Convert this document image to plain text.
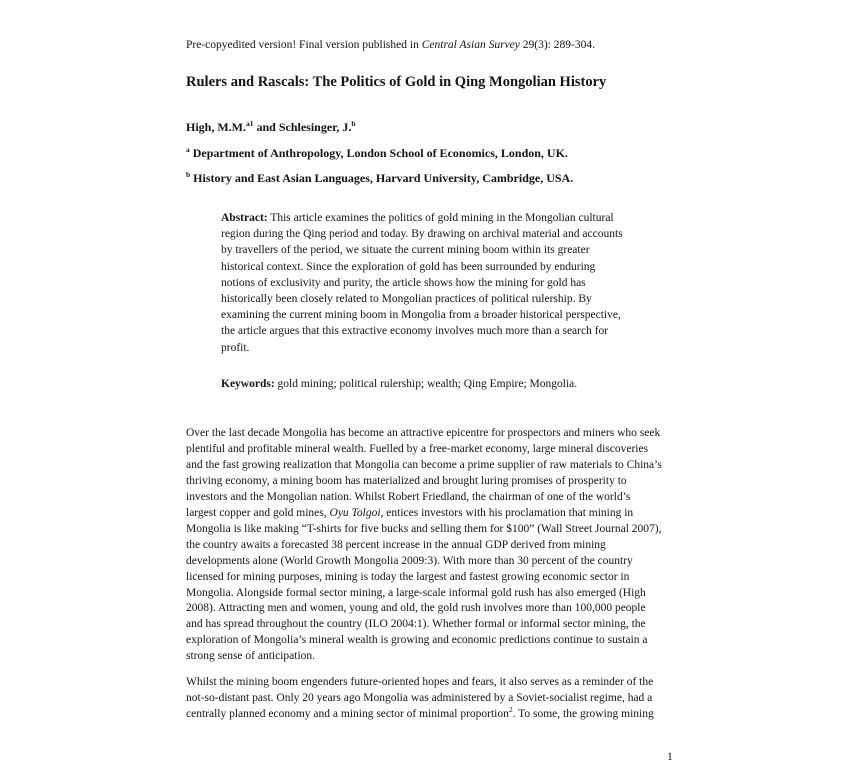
Pre-copyedited version! Final version published in Central Asian Survey 29(3): 289-304.
Rulers and Rascals: The Politics of Gold in Qing Mongolian History
High, M.M.$^{a1}$ and Schlesinger, J.$^b$
$^a$ Department of Anthropology, London School of Economics, London, UK.
$^b$ History and East Asian Languages, Harvard University, Cambridge, USA.
Abstract: This article examines the politics of gold mining in the Mongolian cultural
region during the Qing period and today. By drawing on archival material and accounts
by travellers of the period, we situate the current mining boom within its greater
historical context. Since the exploration of gold has been surrounded by enduring
notions of exclusivity and purity, the article shows how the mining for gold has
historically been closely related to Mongolian practices of political rulership. By
examining the current mining boom in Mongolia from a broader historical perspective,
the article argues that this extractive economy involves much more than a search for
profit.
Keywords: gold mining; political rulership; wealth; Qing Empire; Mongolia.
Over the last decade Mongolia has become an attractive epicentre for prospectors and miners who seek
plentiful and profitable mineral wealth. Fuelled by a free-market economy, large mineral discoveries
and the fast growing realization that Mongolia can become a prime supplier of raw materials to China’s
thriving economy, a mining boom has materialized and brought luring promises of prosperity to
investors and the Mongolian nation. Whilst Robert Friedland, the chairman of one of the world’s
largest copper and gold mines, Oyu Tolgoi, entices investors with his proclamation that mining in
Mongolia is like making “T-shirts for five bucks and selling them for $100” (Wall Street Journal 2007),
the country awaits a forecasted 38 percent increase in the annual GDP derived from mining
developments alone (World Growth Mongolia 2009:3). With more than 30 percent of the country
licensed for mining purposes, mining is today the largest and fastest growing economic sector in
Mongolia. Alongside formal sector mining, a large-scale informal gold rush has also emerged (High
2008). Attracting men and women, young and old, the gold rush involves more than 100,000 people
and has spread throughout the country (ILO 2004:1). Whether formal or informal sector mining, the
exploration of Mongolia’s mineral wealth is growing and economic predictions continue to sustain a
strong sense of anticipation.
Whilst the mining boom engenders future-oriented hopes and fears, it also serves as a reminder of the
not-so-distant past. Only 20 years ago Mongolia was administered by a Soviet-socialist regime, had a
centrally planned economy and a mining sector of minimal proportion$^2$. To some, the growing mining
1
